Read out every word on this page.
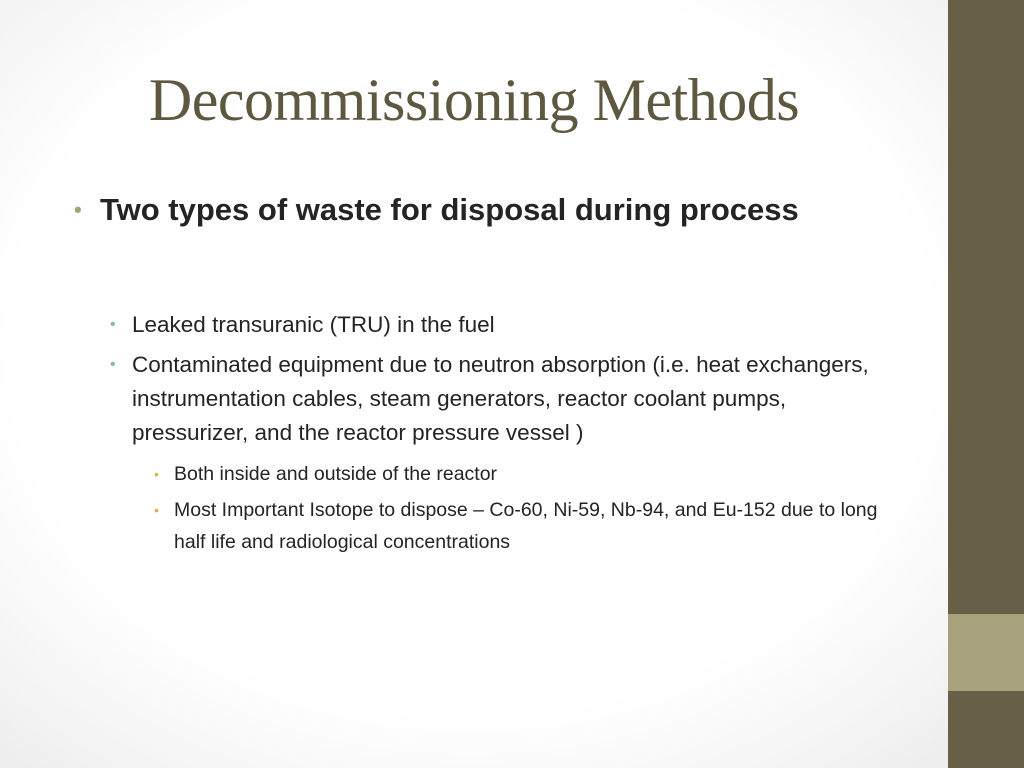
Decommissioning Methods
• Two types of waste for disposal during process
• Leaked transuranic (TRU) in the fuel
• Contaminated equipment due to neutron absorption (i.e. heat exchangers, instrumentation cables, steam generators, reactor coolant pumps, pressurizer, and the reactor pressure vessel )
• Both inside and outside of the reactor
• Most Important Isotope to dispose – Co-60, Ni-59, Nb-94, and Eu-152 due to long half life and radiological concentrations
